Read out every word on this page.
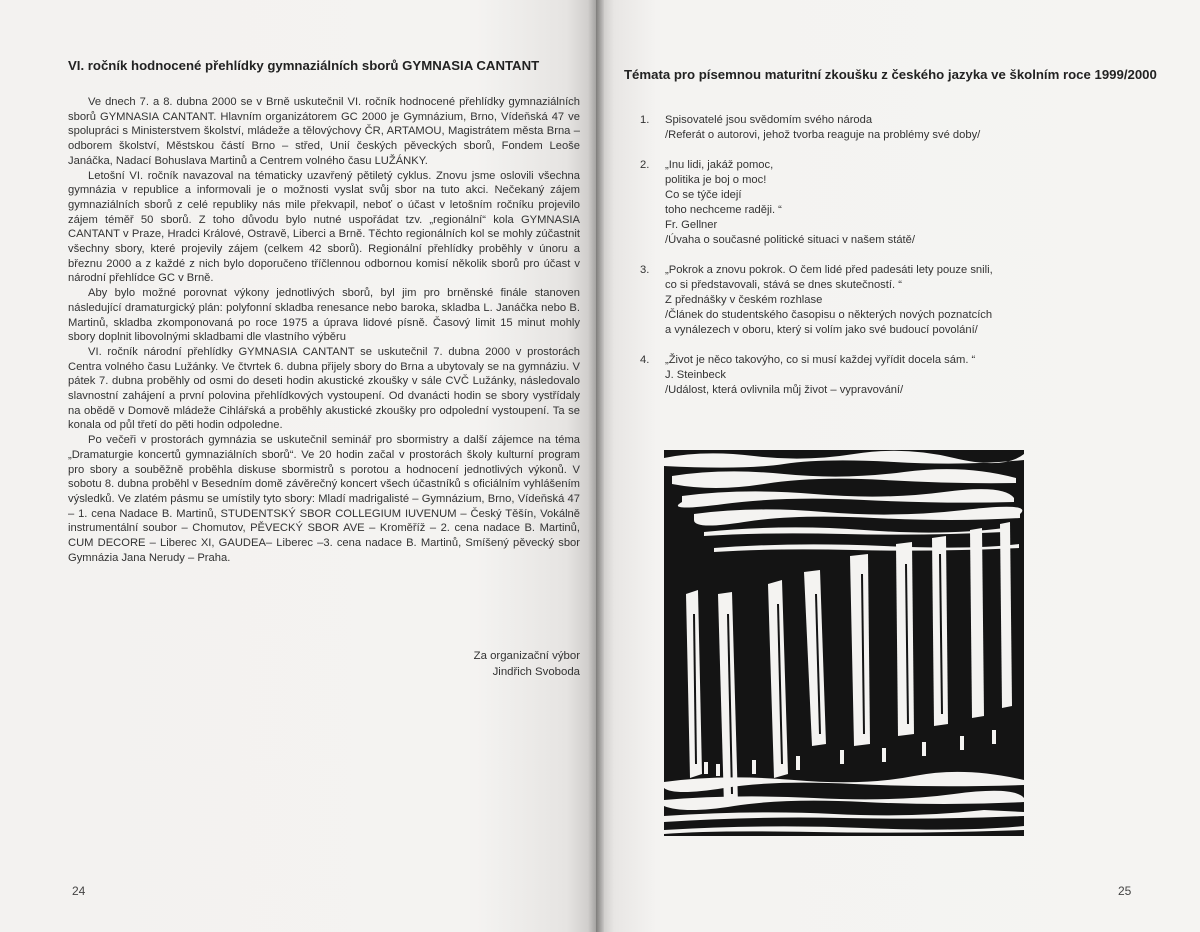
VI. ročník hodnocené přehlídky gymnaziálních sborů GYMNASIA CANTANT

Ve dnech 7. a 8. dubna 2000 se v Brně uskutečnil VI. ročník hodnocené přehlídky gymnaziálních sborů GYMNASIA CANTANT. Hlavním organizátorem GC 2000 je Gymnázium, Brno, Vídeňská 47 ve spolupráci s Ministerstvem školství, mládeže a tělovýchovy ČR, ARTAMOU, Magistrátem města Brna – odborem školství, Městskou částí Brno – střed, Unií českých pěveckých sborů, Fondem Leoše Janáčka, Nadací Bohuslava Martinů a Centrem volného času LUŽÁNKY.

Letošní VI. ročník navazoval na tématicky uzavřený pětiletý cyklus. Znovu jsme oslovili všechna gymnázia v republice a informovali je o možnosti vyslat svůj sbor na tuto akci. Nečekaný zájem gymnaziálních sborů z celé republiky nás mile překvapil, neboť o účast v letošním ročníku projevilo zájem téměř 50 sborů. Z toho důvodu bylo nutné uspořádat tzv. „regionální“ kola GYMNASIA CANTANT v Praze, Hradci Králové, Ostravě, Liberci a Brně. Těchto regionálních kol se mohly zúčastnit všechny sbory, které projevily zájem (celkem 42 sborů). Regionální přehlídky proběhly v únoru a březnu 2000 a z každé z nich bylo doporučeno tříčlennou odbornou komisí několik sborů pro účast v národní přehlídce GC v Brně.

Aby bylo možné porovnat výkony jednotlivých sborů, byl jim pro brněnské finále stanoven následující dramaturgický plán: polyfonní skladba renesance nebo baroka, skladba L. Janáčka nebo B. Martinů, skladba zkomponovaná po roce 1975 a úprava lidové písně. Časový limit 15 minut mohly sbory doplnit libovolnými skladbami dle vlastního výběru

VI. ročník národní přehlídky GYMNASIA CANTANT se uskutečnil 7. dubna 2000 v prostorách Centra volného času Lužánky. Ve čtvrtek 6. dubna přijely sbory do Brna a ubytovaly se na gymnáziu. V pátek 7. dubna proběhly od osmi do deseti hodin akustické zkoušky v sále CVČ Lužánky, následovalo slavnostní zahájení a první polovina přehlídkových vystoupení. Od dvanácti hodin se sbory vystřídaly na obědě v Domově mládeže Cihlářská a proběhly akustické zkoušky pro odpolední vystoupení. Ta se konala od půl třetí do pěti hodin odpoledne.

Po večeři v prostorách gymnázia se uskutečnil seminář pro sbormistry a další zájemce na téma „Dramaturgie koncertů gymnaziálních sborů“. Ve 20 hodin začal v prostorách školy kulturní program pro sbory a souběžně proběhla diskuse sbormistrů s porotou a hodnocení jednotlivých výkonů. V sobotu 8. dubna proběhl v Besedním domě závěrečný koncert všech účastníků s oficiálním vyhlášením výsledků. Ve zlatém pásmu se umístily tyto sbory: Mladí madrigalisté – Gymnázium, Brno, Vídeňská 47 – 1. cena Nadace B. Martinů, STUDENTSKÝ SBOR COLLEGIUM IUVENUM – Český Těšín, Vokálně instrumentální soubor – Chomutov, PĚVECKÝ SBOR AVE – Kroměříž – 2. cena nadace B. Martinů, CUM DECORE – Liberec XI, GAUDEA– Liberec –3. cena nadace B. Martinů, Smíšený pěvecký sbor Gymnázia Jana Nerudy – Praha.

Za organizační výbor
Jindřich Svoboda
24
Témata pro písemnou maturitní zkoušku z českého jazyka ve školním roce 1999/2000
1.	Spisovatelé jsou svědomím svého národa
/Referát o autorovi, jehož tvorba reaguje na problémy své doby/
2.	„Inu lidi, jakáž pomoc,
politika je boj o moc!
Co se týče idejí
toho nechceme raději. “
Fr. Gellner
/Úvaha o současné politické situaci v našem státě/
3.	„Pokrok a znovu pokrok. O čem lidé před padesáti lety pouze snili,
co si představovali, stává se dnes skutečností. “
Z přednášky v českém rozhlase
/Článek do studentského časopisu o některých nových poznatcích
a vynálezech v oboru, který si volím jako své budoucí povolání/
4.	„Život je něco takovýho, co si musí každej vyřídit docela sám. “
J. Steinbeck
/Událost, která ovlivnila můj život – vypravování/
25
